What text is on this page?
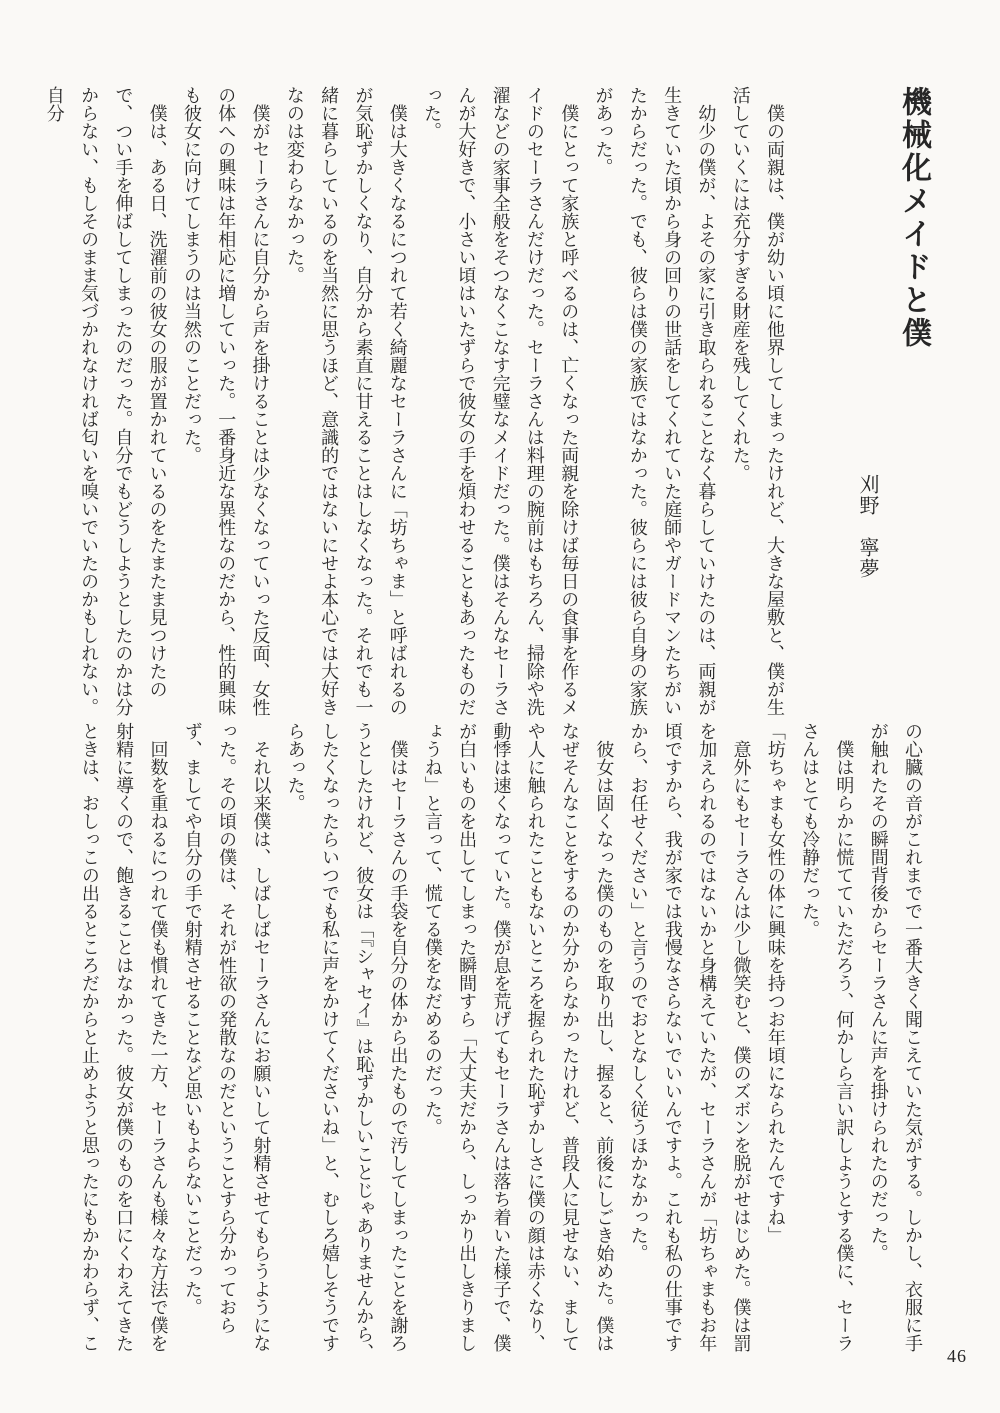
機械化メイドと僕
刈野　寧夢

僕の両親は、僕が幼い頃に他界してしまったけれど、大きな屋敷と、僕が生活していくには充分すぎる財産を残してくれた。

幼少の僕が、よその家に引き取られることなく暮らしていけたのは、両親が生きていた頃から身の回りの世話をしてくれていた庭師やガードマンたちがいたからだった。でも、彼らは僕の家族ではなかった。彼らには彼ら自身の家族があった。

僕にとって家族と呼べるのは、亡くなった両親を除けば毎日の食事を作るメイドのセーラさんだけだった。セーラさんは料理の腕前はもちろん、掃除や洗濯などの家事全般をそつなくこなす完璧なメイドだった。僕はそんなセーラさんが大好きで、小さい頃はいたずらで彼女の手を煩わせることもあったものだった。

僕は大きくなるにつれて若く綺麗なセーラさんに「坊ちゃま」と呼ばれるのが気恥ずかしくなり、自分から素直に甘えることはしなくなった。それでも一緒に暮らしているのを当然に思うほど、意識的ではないにせよ本心では大好きなのは変わらなかった。

僕がセーラさんに自分から声を掛けることは少なくなっていった反面、女性の体への興味は年相応に増していった。一番身近な異性なのだから、性的興味も彼女に向けてしまうのは当然のことだった。

僕は、ある日、洗濯前の彼女の服が置かれているのをたまたま見つけたので、つい手を伸ばしてしまったのだった。自分でもどうしようとしたのかは分からない、もしそのまま気づかれなければ匂いを嗅いでいたのかもしれない。自分

の心臓の音がこれまでで一番大きく聞こえていた気がする。しかし、衣服に手が触れたその瞬間背後からセーラさんに声を掛けられたのだった。

僕は明らかに慌てていただろう、何かしら言い訳しようとする僕に、セーラさんはとても冷静だった。

「坊ちゃまも女性の体に興味を持つお年頃になられたんですね」

意外にもセーラさんは少し微笑むと、僕のズボンを脱がせはじめた。僕は罰を加えられるのではないかと身構えていたが、セーラさんが「坊ちゃまもお年頃ですから、我が家では我慢なさらないでいいんですよ。これも私の仕事ですから、お任せください」と言うのでおとなしく従うほかなかった。

彼女は固くなった僕のものを取り出し、握ると、前後にしごき始めた。僕はなぜそんなことをするのか分からなかったけれど、普段人に見せない、ましてや人に触られたこともないところを握られた恥ずかしさに僕の顔は赤くなり、動悸は速くなっていた。僕が息を荒げてもセーラさんは落ち着いた様子で、僕が白いものを出してしまった瞬間すら「大丈夫だから、しっかり出しきりましょうね」と言って、慌てる僕をなだめるのだった。

僕はセーラさんの手袋を自分の体から出たもので汚してしまったことを謝ろうとしたけれど、彼女は「『シャセイ』は恥ずかしいことじゃありませんから、したくなったらいつでも私に声をかけてくださいね」と、むしろ嬉しそうですらあった。

それ以来僕は、しばしばセーラさんにお願いして射精させてもらうようになった。その頃の僕は、それが性欲の発散なのだということすら分かっておらず、ましてや自分の手で射精させることなど思いもよらないことだった。

回数を重ねるにつれて僕も慣れてきた一方、セーラさんも様々な方法で僕を射精に導くので、飽きることはなかった。彼女が僕のものを口にくわえてきたときは、おしっこの出るところだからと止めようと思ったにもかかわらず、こ

46
